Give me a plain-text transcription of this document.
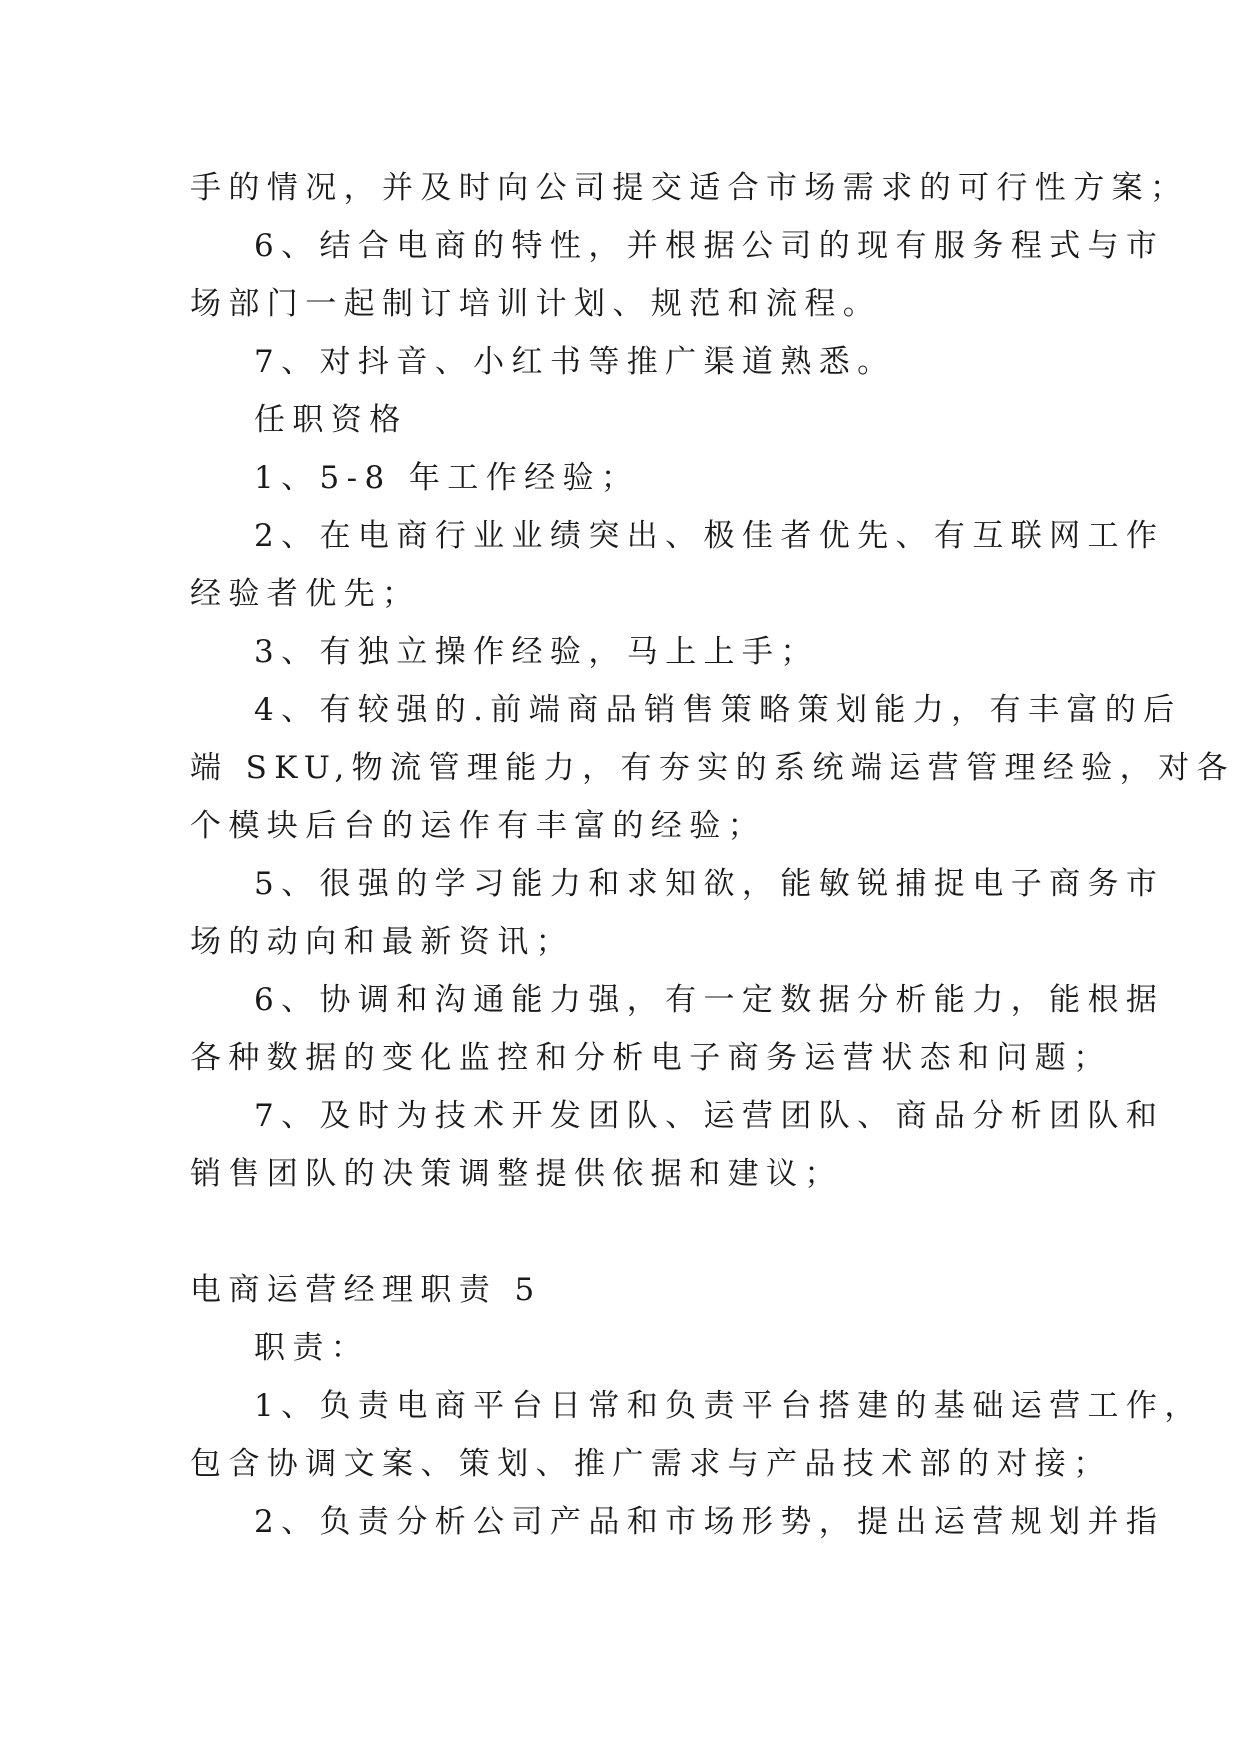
手的情况，并及时向公司提交适合市场需求的可行性方案；
6、结合电商的特性，并根据公司的现有服务程式与市
场部门一起制订培训计划、规范和流程。
7、对抖音、小红书等推广渠道熟悉。
任职资格
1、5-8 年工作经验；
2、在电商行业业绩突出、极佳者优先、有互联网工作
经验者优先；
3、有独立操作经验，马上上手；
4、有较强的.前端商品销售策略策划能力，有丰富的后
端 SKU,物流管理能力，有夯实的系统端运营管理经验，对各
个模块后台的运作有丰富的经验；
5、很强的学习能力和求知欲，能敏锐捕捉电子商务市
场的动向和最新资讯；
6、协调和沟通能力强，有一定数据分析能力，能根据
各种数据的变化监控和分析电子商务运营状态和问题；
7、及时为技术开发团队、运营团队、商品分析团队和
销售团队的决策调整提供依据和建议；
电商运营经理职责 5
职责：
1、负责电商平台日常和负责平台搭建的基础运营工作，
包含协调文案、策划、推广需求与产品技术部的对接；
2、负责分析公司产品和市场形势，提出运营规划并指
